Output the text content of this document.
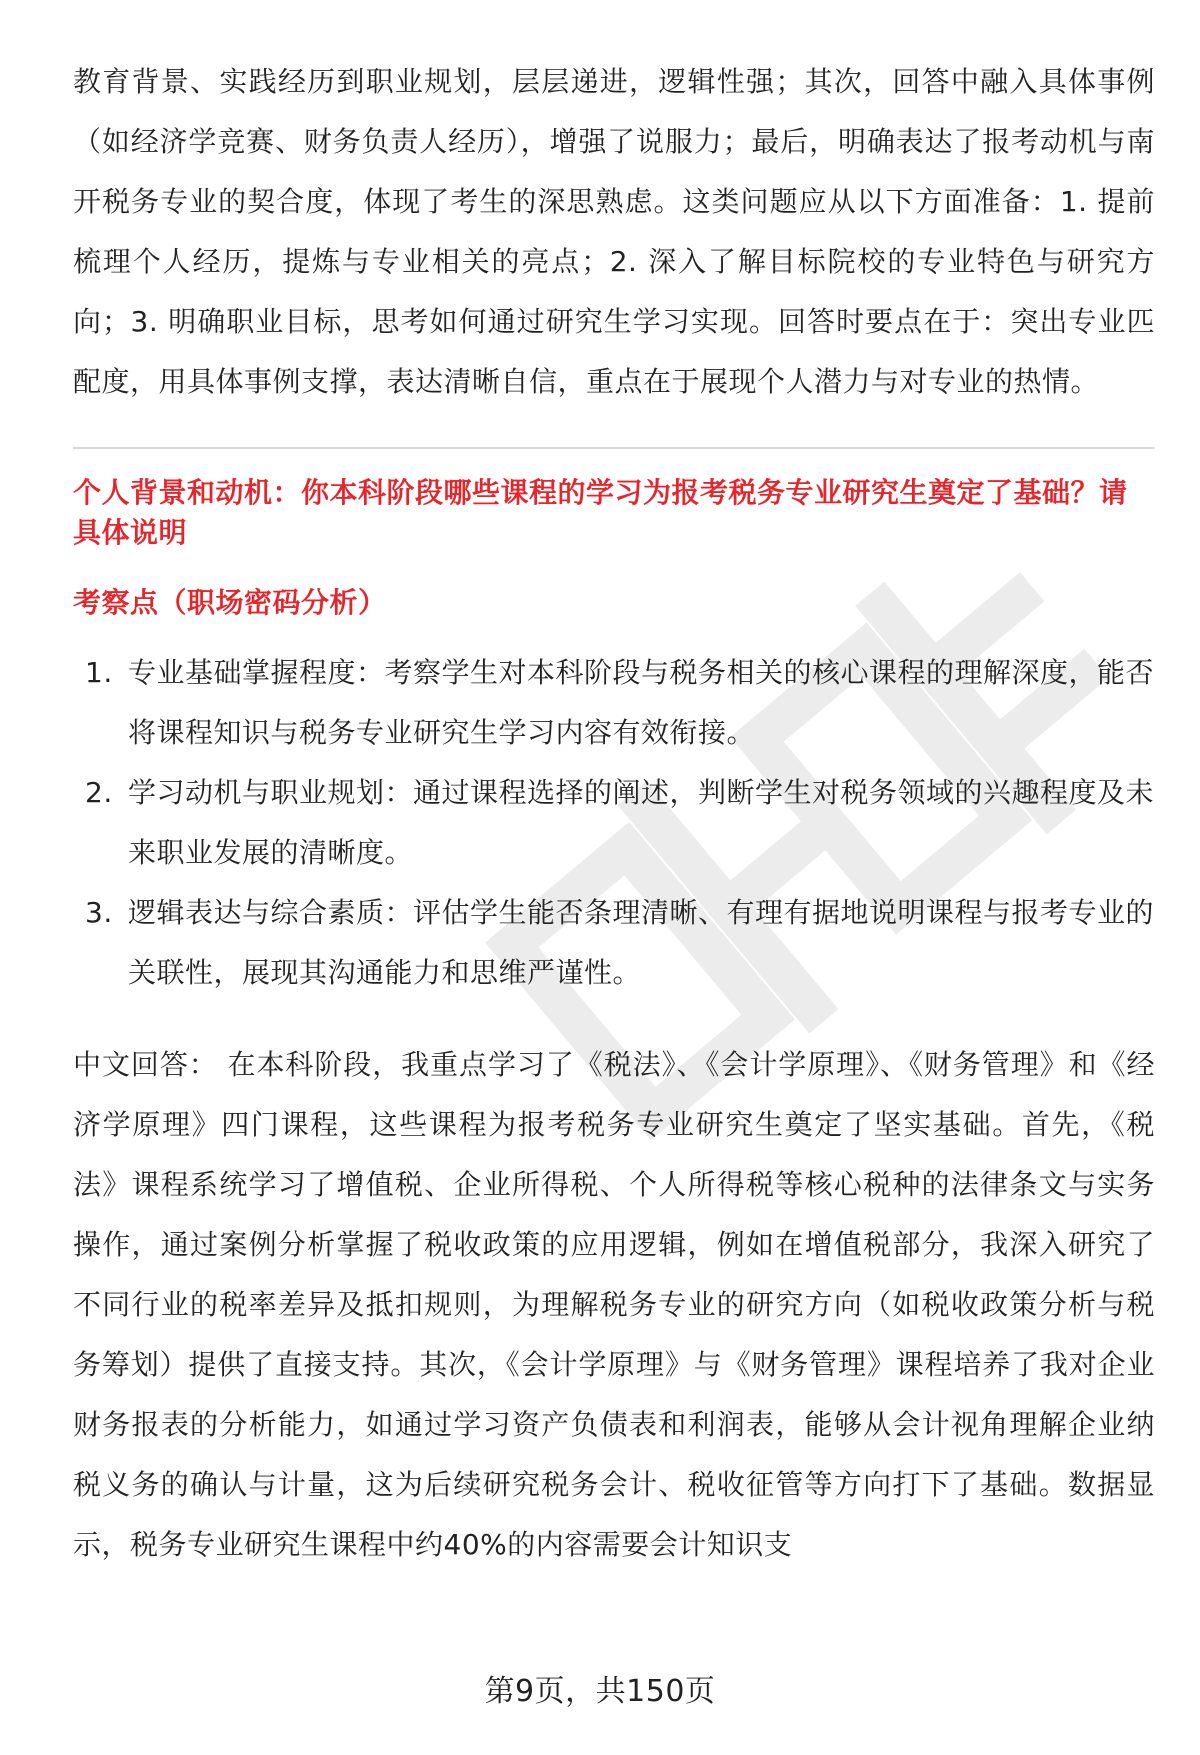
教育背景、实践经历到职业规划，层层递进，逻辑性强；其次，回答中融入具体事例（如经济学竞赛、财务负责人经历），增强了说服力；最后，明确表达了报考动机与南开税务专业的契合度，体现了考生的深思熟虑。这类问题应从以下方面准备：1. 提前梳理个人经历，提炼与专业相关的亮点；2. 深入了解目标院校的专业特色与研究方向；3. 明确职业目标，思考如何通过研究生学习实现。回答时要点在于：突出专业匹配度，用具体事例支撑，表达清晰自信，重点在于展现个人潜力与对专业的热情。

个人背景和动机：你本科阶段哪些课程的学习为报考税务专业研究生奠定了基础？请具体说明

考察点（职场密码分析）

1. 专业基础掌握程度：考察学生对本科阶段与税务相关的核心课程的理解深度，能否将课程知识与税务专业研究生学习内容有效衔接。
2. 学习动机与职业规划：通过课程选择的阐述，判断学生对税务领域的兴趣程度及未来职业发展的清晰度。
3. 逻辑表达与综合素质：评估学生能否条理清晰、有理有据地说明课程与报考专业的关联性，展现其沟通能力和思维严谨性。

中文回答： 在本科阶段，我重点学习了《税法》、《会计学原理》、《财务管理》和《经济学原理》四门课程，这些课程为报考税务专业研究生奠定了坚实基础。首先，《税法》课程系统学习了增值税、企业所得税、个人所得税等核心税种的法律条文与实务操作，通过案例分析掌握了税收政策的应用逻辑，例如在增值税部分，我深入研究了不同行业的税率差异及抵扣规则，为理解税务专业的研究方向（如税收政策分析与税务筹划）提供了直接支持。其次，《会计学原理》与《财务管理》课程培养了我对企业财务报表的分析能力，如通过学习资产负债表和利润表，能够从会计视角理解企业纳税义务的确认与计量，这为后续研究税务会计、税收征管等方向打下了基础。数据显示，税务专业研究生课程中约40%的内容需要会计知识支

第9页，共150页
